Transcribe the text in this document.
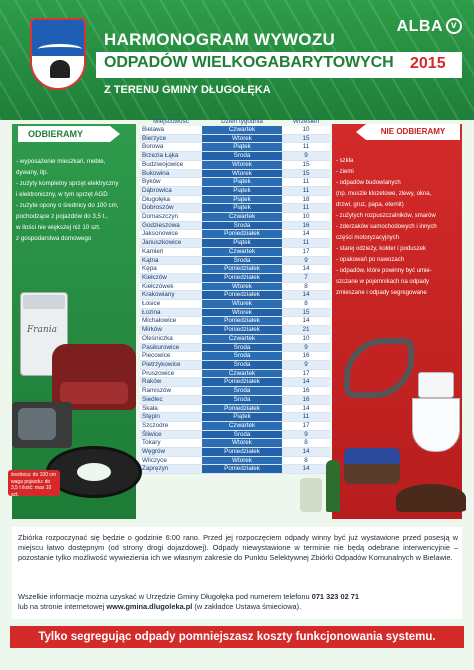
ALBA v
HARMONOGRAM WYWOZU
ODPADÓW WIELKOGABARYTOWYCH 2015
Z TERENU GMINY DŁUGOŁĘKA
ODBIERAMY
- wyposażenie mieszkań, meble,
dywany, itp.
- zużyty kompletny sprzęt elektryczny
i elektroniczny, w tym sprzęt AGD
- zużyte opony o średnicy do 100 cm,
pochodzące z pojazdów do 3,5 t.,
w ilości nie większej niż 10 szt.
z gospodarstwa domowego
NIE ODBIERAMY
- szkła
- ziemi
- odpadów budowlanych
(np. muszle klozetowe, zlewy, okna,
drzwi, gruz, papa, eternit)
- zużytych rozpuszczalników, smarów
- zderzaków samochodowych i innych
części motoryzacyjnych
- starej odzieży, kołder i poduszek
- opakowań po nawozach
- odpadów, które powinny być umie-
szczane w pojemnikach na odpady
zmieszane i odpady segregowane
Miejscowość	Dzień tygodnia	Wrzesień
Bielawa	Czwartek	10
Bierzyce	Wtorek	15
Borowa	Piątek	11
Brzezia Łąka	Środa	9
Budziwojowice	Wtorek	15
Bukowina	Wtorek	15
Byków	Piątek	11
Dąbrowica	Piątek	11
Długołęka	Piątek	18
Dobroszów	Piątek	11
Domaszczyn	Czwartek	10
Godzieszowa	Środa	16
Jaksonowice	Poniedziałek	14
Januszkowice	Piątek	11
Kamień	Czwartek	17
Kątna	Środa	9
Kępa	Poniedziałek	14
Kiełczów	Poniedziałek	7
Kiełczówek	Wtorek	8
Krakowiany	Poniedziałek	14
Łosice	Wtorek	8
Łozina	Wtorek	15
Michałowice	Poniedziałek	14
Mirków	Poniedziałek	21
Oleśniczka	Czwartek	10
Pasikurowice	Środa	9
Piecowice	Środa	16
Pietrzykowice	Środa	9
Pruszowice	Czwartek	17
Raków	Poniedziałek	14
Ramiszów	Środa	16
Siedlec	Środa	16
Skała	Poniedziałek	14
Stępin	Piątek	11
Szczodre	Czwartek	17
Śliwice	Środa	9
Tokary	Wtorek	8
Węgrów	Poniedziałek	14
Wilczyce	Wtorek	8
Zapręzyn	Poniedziałek	14
Frania
średnica: do 100 cm waga pojazdu: do 3,5 t ilość: max 10 szt.

Zbiórka rozpoczynać się będzie o godzinie 6:00 rano. Przed jej rozpoczęciem odpady winny być już wystawione przed posesją w miejscu łatwo dostępnym (od strony drogi dojazdowej). Odpady niewystawione w terminie nie będą odebrane interwencyjnie – pozostanie tylko możliwość wywiezienia ich we własnym zakresie do Punktu Selektywnej Zbiórki Odpadów Komunalnych w Bielawie.

Wszelkie informacje można uzyskać w Urzędzie Gminy Długołęka pod numerem telefonu 071 323 02 71
lub na stronie internetowej www.gmina.dlugoleka.pl (w zakładce Ustawa śmieciowa).

Tylko segregując odpady pomniejszasz koszty funkcjonowania systemu.
